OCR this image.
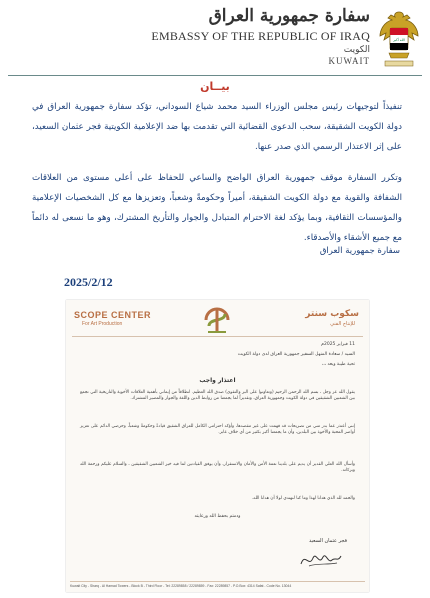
الله أكبر
سفارة جمهورية العراق
EMBASSY OF THE REPUBLIC OF IRAQ
الكويت
KUWAIT
بيــان
تنفيذاً لتوجيهات رئيس مجلس الوزراء السيد محمد شياع السوداني، تؤكد سفارة جمهورية العراق في دولة الكويت الشقيقة، سحب الدعوى القضائية التي تقدمت بها ضد الإعلامية الكويتية فجر عثمان السعيد، على إثر الاعتذار الرسمي الذي صدر عنها.
وتكرر السفارة موقف جمهورية العراق الواضح والساعي للحفاظ على أعلى مستوى من العلاقات الشفافة والقوية مع دولة الكويت الشقيقة، أميراً وحكومةً وشعباً، وتعزيزها مع كل الشخصيات الإعلامية والمؤسسات الثقافية، وبما يؤكد لغة الاحترام المتبادل والجوار والتأريخ المشترك، وهو ما نسعى له دائماً مع جميع الأشقاء والأصدقاء.
سفارة جمهورية العراق
2025/2/12
SCOPE CENTER
For Art Production
سكوب سنتر
للإنتاج الفني
11 فبراير 2025م
السيد / سعادة المنهل السفير جمهورية العراق لدى دولة الكويت
تحية طيبة وبعد ،،،
اعتذار واجب
يقول الله عز وجل ، بسم الله الرحمن الرحيم (وتعاونوا على البر والتقوى) صدق الله العظيم. انطلاقاً من إيماني بأهمية العلاقات الأخوية والتاريخية التي تجمع بين الشعبين الشقيقين في دولة الكويت وجمهورية العراق، وتقديراً لما يجمعنا من روابط الدين واللغة والجوار والمصير المشترك.
إنني أعتذر عما بدر مني من تصريحات قد فهمت على غير مقصدها، وأؤكد احترامي الكامل للعراق الشقيق قيادةً وحكومةً وشعباً، وحرصي الدائم على تعزيز أواصر المحبة والأخوة بين البلدين، وأن ما يجمعنا أكبر بكثير من أي خلاف عابر.
وأسأل الله العلي القدير أن يديم على بلدينا نعمة الأمن والأمان والاستقرار، وأن يوفق القيادتين لما فيه خير الشعبين الشقيقين ، والسلام عليكم ورحمة الله وبركاته.
والحمد لله الذي هدانا لهذا وما كنا لنهتدي لولا أن هدانا الله.
ودمتم بحفظ الله ورعايته
فجر عثمان السعيد
Kuwait City - Sharq - Al Hamad Towers - Block B - Third Floor - Tel: 22289858 / 22289859 - Fax: 22289857 - P.O.Box: 4314 Safat - Code No. 13044
